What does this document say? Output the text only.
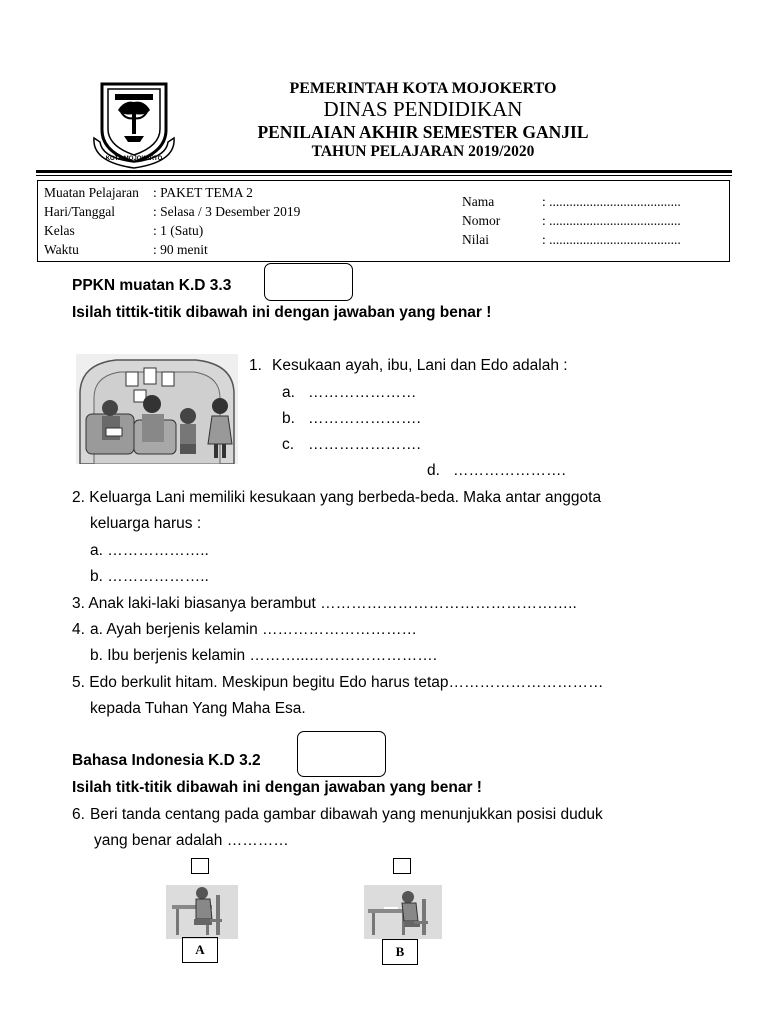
KOTA MOJOKERTO
PEMERINTAH KOTA MOJOKERTO
DINAS PENDIDIKAN
PENILAIAN AKHIR SEMESTER GANJIL
TAHUN PELAJARAN 2019/2020
Muatan Pelajaran : PAKET TEMA 2
Hari/Tanggal	: Selasa / 3 Desember 2019
Kelas	: 1 (Satu)
Waktu	: 90 menit
Nama	: .......................................
Nomor	: .......................................
Nilai	: .......................................
PPKN muatan K.D 3.3
Isilah tittik-titik dibawah ini dengan jawaban yang benar !
1. Kesukaan ayah, ibu, Lani dan Edo adalah :
a. …………………
b. ………………….
c. ………………….
d. ………………….
2. Keluarga Lani memiliki kesukaan yang berbeda-beda. Maka antar anggota
keluarga harus :
a. ………………..
b. ………………..
3. Anak laki-laki biasanya berambut …………………………………………..
4. a. Ayah berjenis kelamin …………………………
b. Ibu berjenis kelamin ………...…………………….
5. Edo berkulit hitam. Meskipun begitu Edo harus tetap…………………………
kepada Tuhan Yang Maha Esa.
Bahasa Indonesia K.D 3.2
Isilah titk-titik dibawah ini dengan jawaban yang benar !
6. Beri tanda centang pada gambar dibawah yang menunjukkan posisi duduk
yang benar adalah …………
A	B
